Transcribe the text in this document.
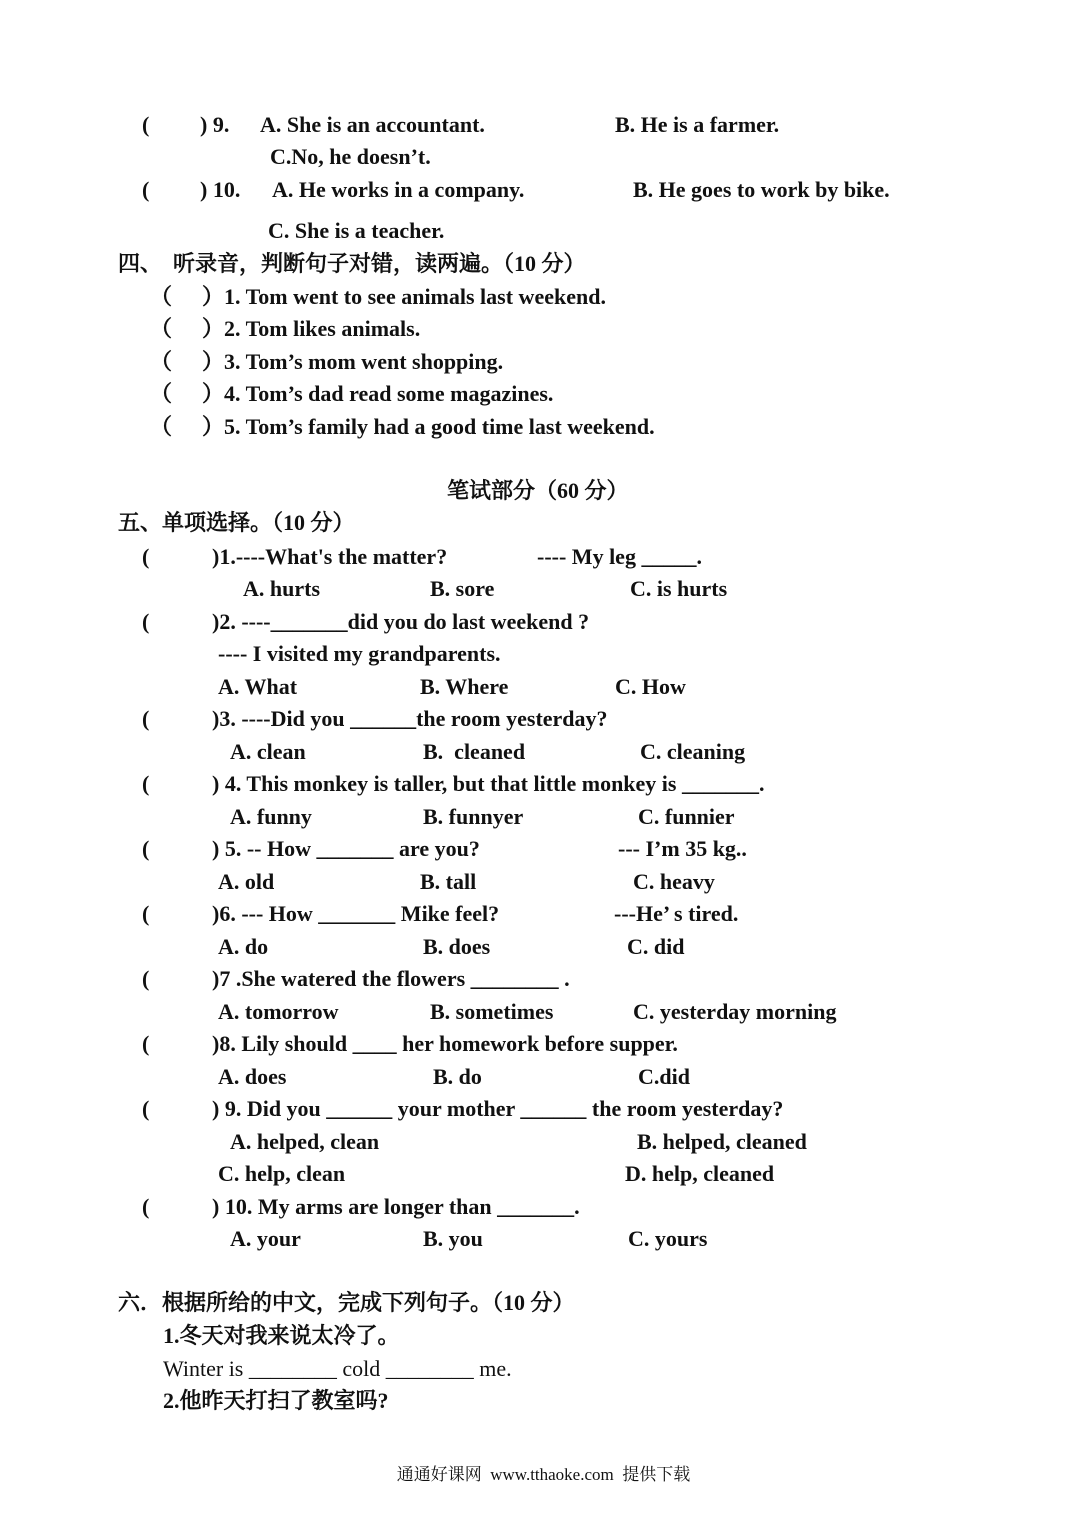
( ) 9. A. She is an accountant.	B. He is a farmer.
C.No, he doesn’t.
( ) 10. A. He works in a company.	B. He goes to work by bike.
C. She is a teacher.
四、  听录音，判断句子对错，读两遍。（10 分）
（ ）1. Tom went to see animals last weekend.
（ ）2. Tom likes animals.
（ ）3. Tom’s mom went shopping.
（ ）4. Tom’s dad read some magazines.
（ ）5. Tom’s family had a good time last weekend.
笔试部分（60 分）
五、单项选择。（10 分）
(	)1.----What's the matter?	---- My leg _____.
A. hurts	B. sore	C. is hurts
(	)2. ----_______did you do last weekend ?
---- I visited my grandparents.
A. What	B. Where	C. How
(	)3. ----Did you ______the room yesterday?
A. clean	B.  cleaned	C. cleaning
(	) 4. This monkey is taller, but that little monkey is _______.
A. funny	B. funnyer	C. funnier
(	) 5. -- How _______ are you?	--- I’m 35 kg..
A. old	B. tall	C. heavy
(	)6. --- How _______ Mike feel?	---He’ s tired.
A. do	B. does	C. did
(	)7 .She watered the flowers ________ .
A. tomorrow	B. sometimes	C. yesterday morning
(	)8. Lily should ____ her homework before supper.
A. does	B. do	C.did
(	) 9. Did you ______ your mother ______ the room yesterday?
A. helped, clean	B. helped, cleaned
C. help, clean	D. help, cleaned
(	) 10. My arms are longer than _______.
A. your	B. you	C. yours
六．根据所给的中文，完成下列句子。（10 分）
1.冬天对我来说太冷了。
Winter is ________ cold ________ me.
2.他昨天打扫了教室吗?
通通好课网  www.tthaoke.com  提供下载
